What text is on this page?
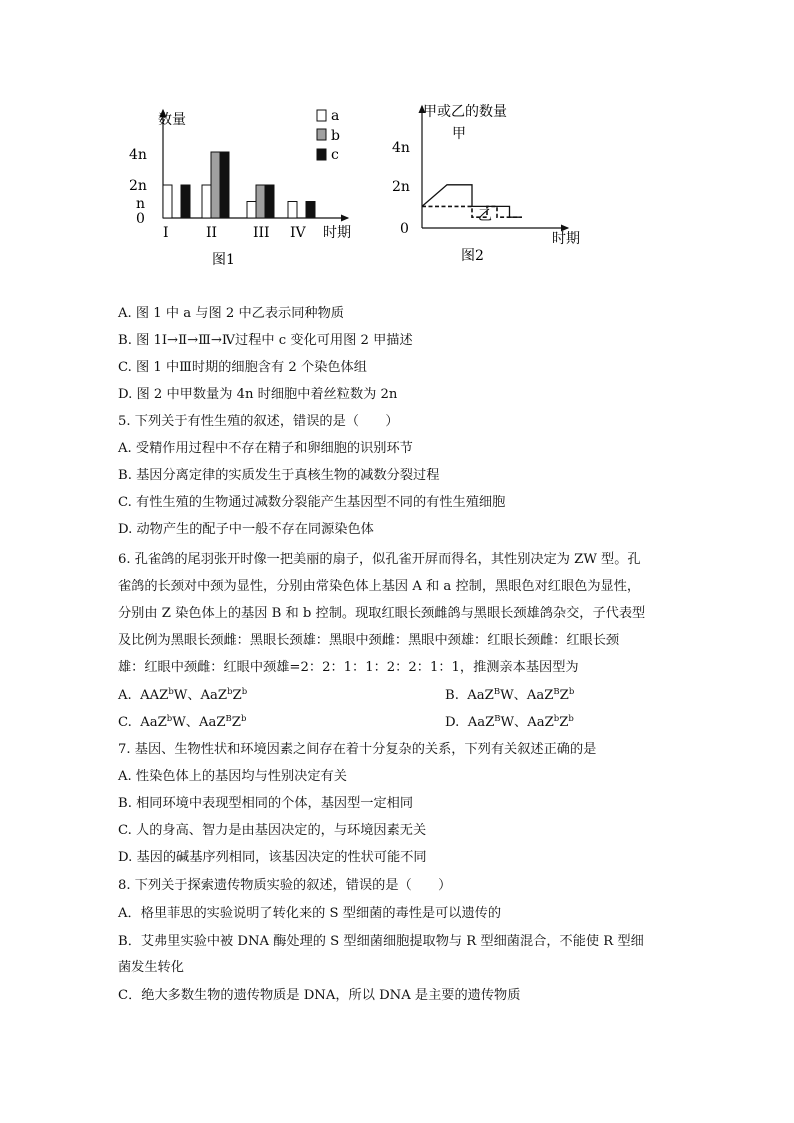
数量
4n
2n
n
0
I	II	III IV 时期
a
b
c
图1
甲或乙的数量
4n
2n
0
甲
乙
时期
图2
A. 图 1 中 a 与图 2 中乙表示同种物质
B. 图 1Ⅰ→Ⅱ→Ⅲ→Ⅳ过程中 c 变化可用图 2 甲描述
C. 图 1 中Ⅲ时期的细胞含有 2 个染色体组
D. 图 2 中甲数量为 4n 时细胞中着丝粒数为 2n
5. 下列关于有性生殖的叙述，错误的是（　　）
A. 受精作用过程中不存在精子和卵细胞的识别环节
B. 基因分离定律的实质发生于真核生物的减数分裂过程
C. 有性生殖的生物通过减数分裂能产生基因型不同的有性生殖细胞
D. 动物产生的配子中一般不存在同源染色体
6. 孔雀鸽的尾羽张开时像一把美丽的扇子，似孔雀开屏而得名，其性别决定为 ZW 型。孔
雀鸽的长颈对中颈为显性，分别由常染色体上基因 A 和 a 控制，黑眼色对红眼色为显性，
分别由 Z 染色体上的基因 B 和 b 控制。现取红眼长颈雌鸽与黑眼长颈雄鸽杂交，子代表型
及比例为黑眼长颈雌：黑眼长颈雄：黑眼中颈雌：黑眼中颈雄：红眼长颈雌：红眼长颈
雄：红眼中颈雌：红眼中颈雄=2：2：1：1：2：2：1：1，推测亲本基因型为
A. AAZ$^b$W、$AaZ^bZ^b$	B. AaZ$^B$W、$AaZ^BZ^b$
C. AaZ$^b$W、$AaZ^BZ^b$	D. AaZ$^B$W、$AaZ^bZ^b$
7. 基因、生物性状和环境因素之间存在着十分复杂的关系，下列有关叙述正确的是
A. 性染色体上的基因均与性别决定有关
B. 相同环境中表现型相同的个体，基因型一定相同
C. 人的身高、智力是由基因决定的，与环境因素无关
D. 基因的碱基序列相同，该基因决定的性状可能不同
8. 下列关于探索遗传物质实验的叙述，错误的是（　　）
A．格里菲思的实验说明了转化来的 S 型细菌的毒性是可以遗传的
B．艾弗里实验中被 DNA 酶处理的 S 型细菌细胞提取物与 R 型细菌混合，不能使 R 型细
菌发生转化
C．绝大多数生物的遗传物质是 DNA，所以 DNA 是主要的遗传物质
